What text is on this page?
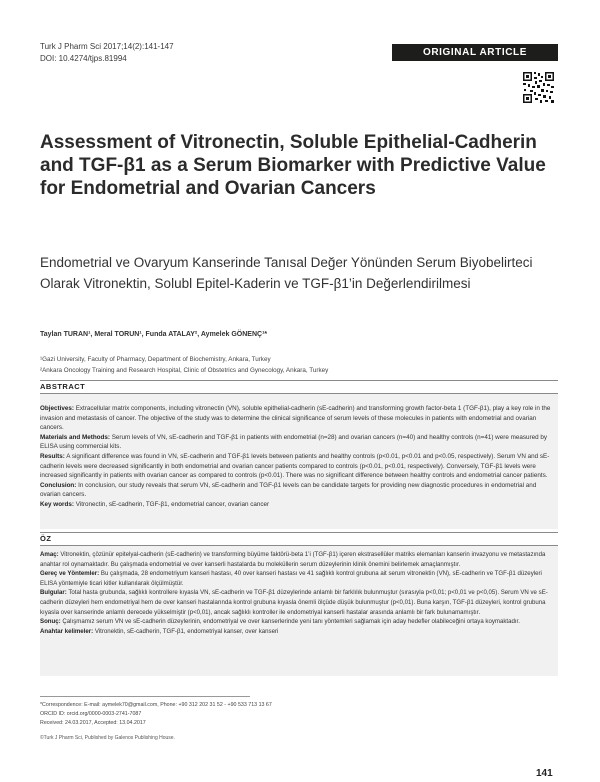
Turk J Pharm Sci 2017;14(2):141-147
DOI: 10.4274/tjps.81994
ORIGINAL ARTICLE
Assessment of Vitronectin, Soluble Epithelial-Cadherin and TGF-β1 as a Serum Biomarker with Predictive Value for Endometrial and Ovarian Cancers
Endometrial ve Ovaryum Kanserinde Tanısal Değer Yönünden Serum Biyobelirteci Olarak Vitronektin, Solubl Epitel-Kaderin ve TGF-β1’in Değerlendirilmesi
Taylan TURAN¹, Meral TORUN¹, Funda ATALAY², Aymelek GÖNENÇ¹*
¹Gazi University, Faculty of Pharmacy, Department of Biochemistry, Ankara, Turkey
²Ankara Oncology Training and Research Hospital, Clinic of Obstetrics and Gynecology, Ankara, Turkey
ABSTRACT

Objectives: Extracellular matrix components, including vitronectin (VN), soluble epithelial-cadherin (sE-cadherin) and transforming growth factor-beta 1 (TGF-β1), play a key role in the invasion and metastasis of cancer. The objective of the study was to determine the clinical significance of serum levels of these molecules in patients with endometrial and ovarian cancers.

Materials and Methods: Serum levels of VN, sE-cadherin and TGF-β1 in patients with endometrial (n=28) and ovarian cancers (n=40) and healthy controls (n=41) were measured by ELISA using commercial kits.

Results: A significant difference was found in VN, sE-cadherin and TGF-β1 levels between patients and healthy controls (p<0.01, p<0.01 and p<0.05, respectively). Serum VN and sE-cadherin levels were decreased significantly in both endometrial and ovarian cancer patients compared to controls (p<0.01, p<0.01, respectively). Conversely, TGF-β1 levels were increased significantly in patients with ovarian cancer as compared to controls (p<0.01). There was no significant difference between healthy controls and endometrial cancer patients.

Conclusion: In conclusion, our study reveals that serum VN, sE-cadherin and TGF-β1 levels can be candidate targets for providing new diagnostic procedures in endometrial and ovarian cancers.

Key words: Vitronectin, sE-cadherin, TGF-β1, endometrial cancer, ovarian cancer

ÖZ

Amaç: Vitronektin, çözünür epitelyal-cadherin (sE-cadherin) ve transforming büyüme faktörü-beta 1’i (TGF-β1) içeren ekstrasellüler matriks elemanları kanserin invazyonu ve metastazında anahtar rol oynamaktadır. Bu çalışmada endometrial ve over kanserli hastalarda bu moleküllerin serum düzeylerinin klinik önemini belirlemek amaçlanmıştır.

Gereç ve Yöntemler: Bu çalışmada, 28 endometriyum kanseri hastası, 40 over kanseri hastası ve 41 sağlıklı kontrol grubuna ait serum vitronektin (VN), sE-cadherin ve TGF-β1 düzeyleri ELISA yöntemiyle ticari kitler kullanılarak ölçülmüştür.

Bulgular: Total hasta grubunda, sağlıklı kontrollere kıyasla VN, sE-cadherin ve TGF-β1 düzeylerinde anlamlı bir farklılık bulunmuştur (sırasıyla p<0,01; p<0,01 ve p<0,05). Serum VN ve sE-cadherin düzeyleri hem endometriyal hem de over kanseri hastalarında kontrol grubuna kıyasla önemli ölçüde düşük bulunmuştur (p<0,01). Buna karşın, TGF-β1 düzeyleri, kontrol grubuna kıyasla over kanserinde anlamlı derecede yükselmiştir (p<0,01), ancak sağlıklı kontroller ile endometriyal kanserli hastalar arasında anlamlı bir fark bulunamamıştır.

Sonuç: Çalışmamız serum VN ve sE-cadherin düzeylerinin, endometriyal ve over kanserlerinde yeni tanı yöntemleri sağlamak için aday hedefler olabileceğini ortaya koymaktadır.

Anahtar kelimeler: Vitronektin, sE-cadherin, TGF-β1, endometriyal kanser, over kanseri

*Correspondence: E-mail: aymelek70@gmail.com, Phone: +90 312 202 31 52 - +90 533 713 13 67
ORCID ID: orcid.org/0000-0003-2741-7087
Received: 24.03.2017, Accepted: 13.04.2017
©Turk J Pharm Sci, Published by Galenos Publishing House.
141
